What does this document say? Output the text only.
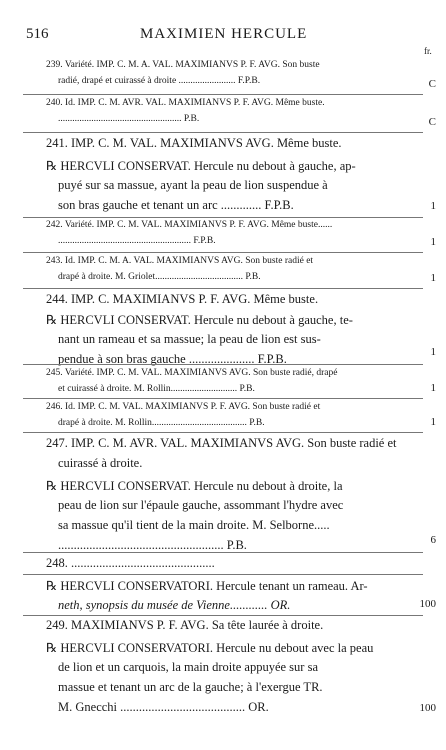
516	MAXIMIEN HERCULE
fr.
239. Variété. IMP. C. M. A. VAL. MAXIMIANVS P. F. AVG. Son buste
radié, drapé et cuirassé à droite ........................ F.P.B.	C
240. Id. IMP. C. M. AVR. VAL. MAXIMIANVS P. F. AVG. Même buste.
.................................................... P.B.	C
241. IMP. C. M. VAL. MAXIMIANVS AVG. Même buste.
℞ HERCVLI CONSERVAT. Hercule nu debout à gauche, ap-
puyé sur sa massue, ayant la peau de lion suspendue à
son bras gauche et tenant un arc ............. F.P.B.	1
242. Variété. IMP. C. M. VAL. MAXIMIANVS P. F. AVG. Même buste......
........................................................ F.P.B.	1
243. Id. IMP. C. M. A. VAL. MAXIMIANVS AVG. Son buste radié et
drapé à droite. M. Griolet..................................... P.B.	1
244. IMP. C. MAXIMIANVS P. F. AVG. Même buste.
℞ HERCVLI CONSERVAT. Hercule nu debout à gauche, te-
nant un rameau et sa massue; la peau de lion est sus-
pendue à son bras gauche ..................... F.P.B.	1
245. Variété. IMP. C. M. VAL. MAXIMIANVS AVG. Son buste radié, drapé
et cuirassé à droite. M. Rollin............................ P.B.	1
246. Id. IMP. C. M. VAL. MAXIMIANVS P. F. AVG. Son buste radié et
drapé à droite. M. Rollin........................................ P.B.	1
247. IMP. C. M. AVR. VAL. MAXIMIANVS AVG. Son buste radié et
cuirassé à droite.
℞ HERCVLI CONSERVAT. Hercule nu debout à droite, la
peau de lion sur l'épaule gauche, assommant l'hydre avec
sa massue qu'il tient de la main droite. M. Selborne.....
..................................................... P.B.	6
248. ..............................................
℞ HERCVLI CONSERVATORI. Hercule tenant un rameau. Ar-
neth, synopsis du musée de Vienne............ OR.	100
249. MAXIMIANVS P. F. AVG. Sa tête laurée à droite.
℞ HERCVLI CONSERVATORI. Hercule nu debout avec la peau
de lion et un carquois, la main droite appuyée sur sa
massue et tenant un arc de la gauche; à l'exergue TR.
M. Gnecchi ........................................ OR.	100
